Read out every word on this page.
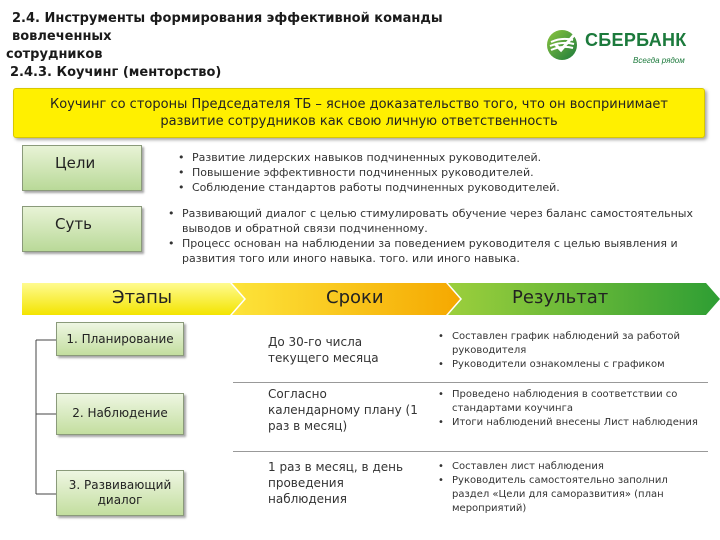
2.4. Инструменты формирования эффективной команды вовлеченных
сотрудников
2.4.3. Коучинг (менторство)
СБЕРБАНК
Всегда рядом
Коучинг со стороны Председателя ТБ – ясное доказательство того, что он воспринимает
развитие сотрудников как свою личную ответственность
Цели
•	Развитие лидерских навыков подчиненных руководителей.
• Повышение эффективности подчиненных руководителей.
• Соблюдение стандартов работы подчиненных руководителей.
Суть
• Развивающий диалог с целью стимулировать обучение через баланс самостоятельных выводов и обратной связи подчиненному.
• Процесс основан на наблюдении за поведением руководителя с целью выявления и развития того или иного навыка. того. или иного навыка.
Этапы	Сроки	Результат
1. Планирование
2. Наблюдение
3. Развивающий диалог
До 30-го числа текущего месяца
Согласно календарному плану (1 раз в месяц)
1 раз в месяц, в день проведения наблюдения
• Составлен график наблюдений за работой руководителя
• Руководители ознакомлены с графиком
• Проведено наблюдения в соответствии со стандартами коучинга
• Итоги наблюдений внесены Лист наблюдения
• Составлен лист наблюдения
• Руководитель самостоятельно заполнил раздел «Цели для саморазвития» (план мероприятий)
